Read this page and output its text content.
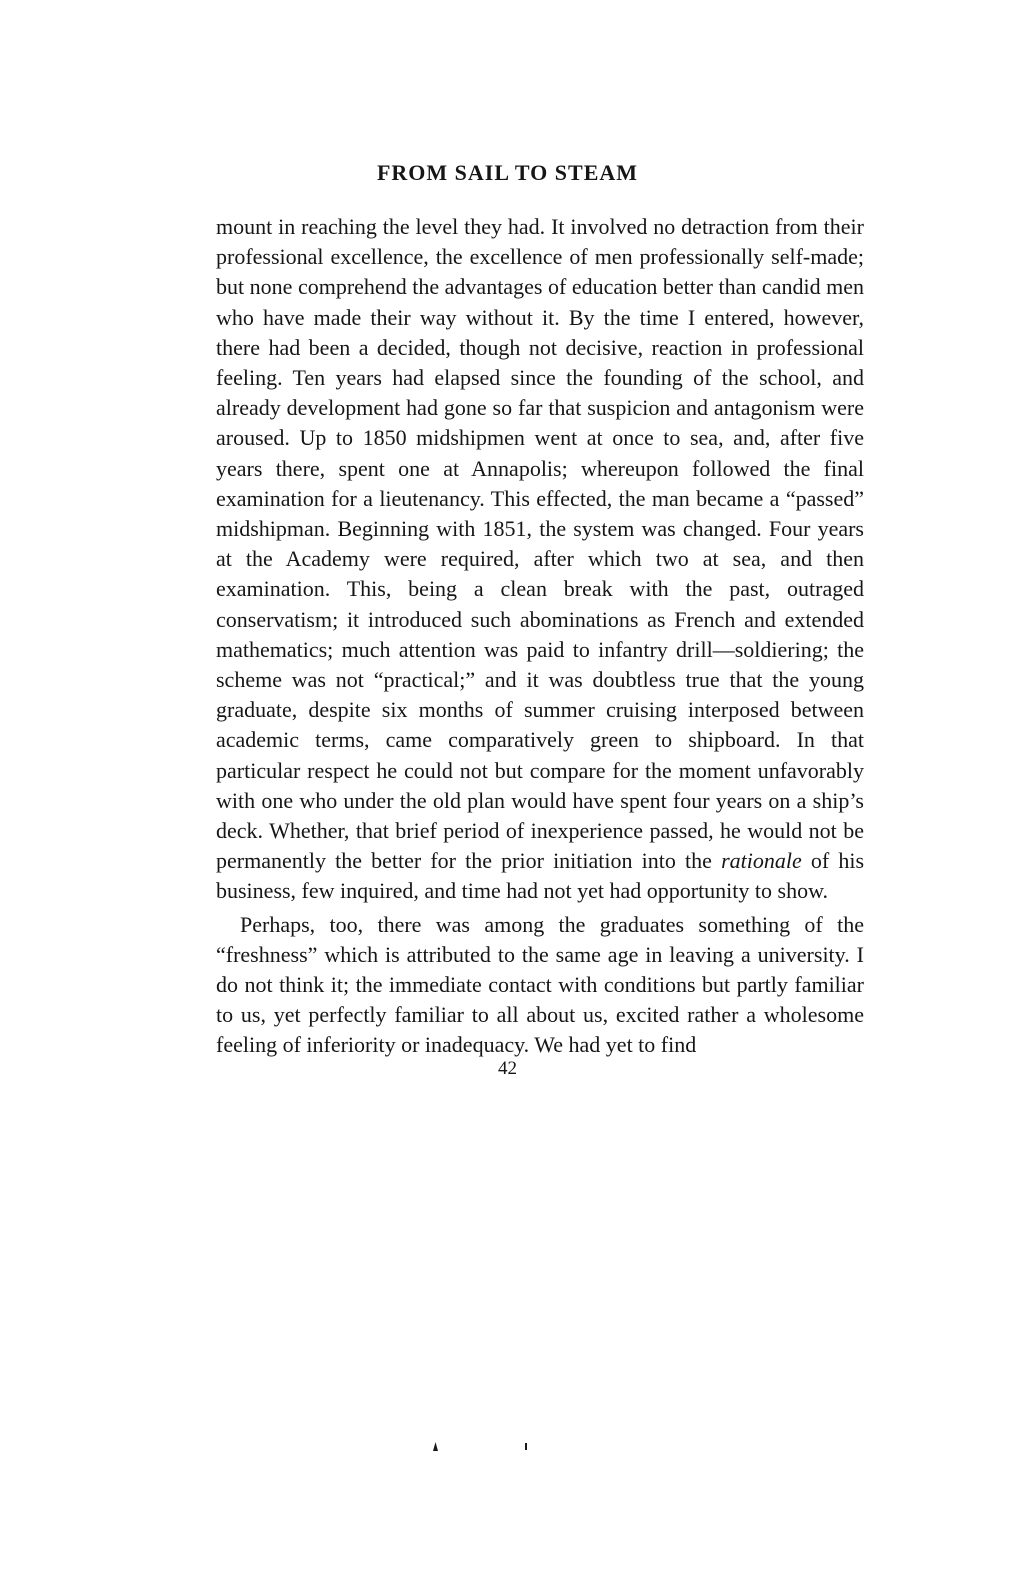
FROM SAIL TO STEAM

mount in reaching the level they had. It involved no detraction from their professional excellence, the excellence of men professionally self-made; but none comprehend the advantages of education better than candid men who have made their way without it. By the time I entered, however, there had been a decided, though not decisive, reaction in professional feeling. Ten years had elapsed since the founding of the school, and already development had gone so far that suspicion and antagonism were aroused. Up to 1850 midshipmen went at once to sea, and, after five years there, spent one at Annapolis; whereupon followed the final examination for a lieutenancy. This effected, the man became a “passed” midshipman. Beginning with 1851, the system was changed. Four years at the Academy were required, after which two at sea, and then examination. This, being a clean break with the past, outraged conservatism; it introduced such abominations as French and extended mathematics; much attention was paid to infantry drill—soldiering; the scheme was not “practical;” and it was doubtless true that the young graduate, despite six months of summer cruising interposed between academic terms, came comparatively green to shipboard. In that particular respect he could not but compare for the moment unfavorably with one who under the old plan would have spent four years on a ship’s deck. Whether, that brief period of inexperience passed, he would not be permanently the better for the prior initiation into the rationale of his business, few inquired, and time had not yet had opportunity to show.

Perhaps, too, there was among the graduates something of the “freshness” which is attributed to the same age in leaving a university. I do not think it; the immediate contact with conditions but partly familiar to us, yet perfectly familiar to all about us, excited rather a wholesome feeling of inferiority or inadequacy. We had yet to find

42
